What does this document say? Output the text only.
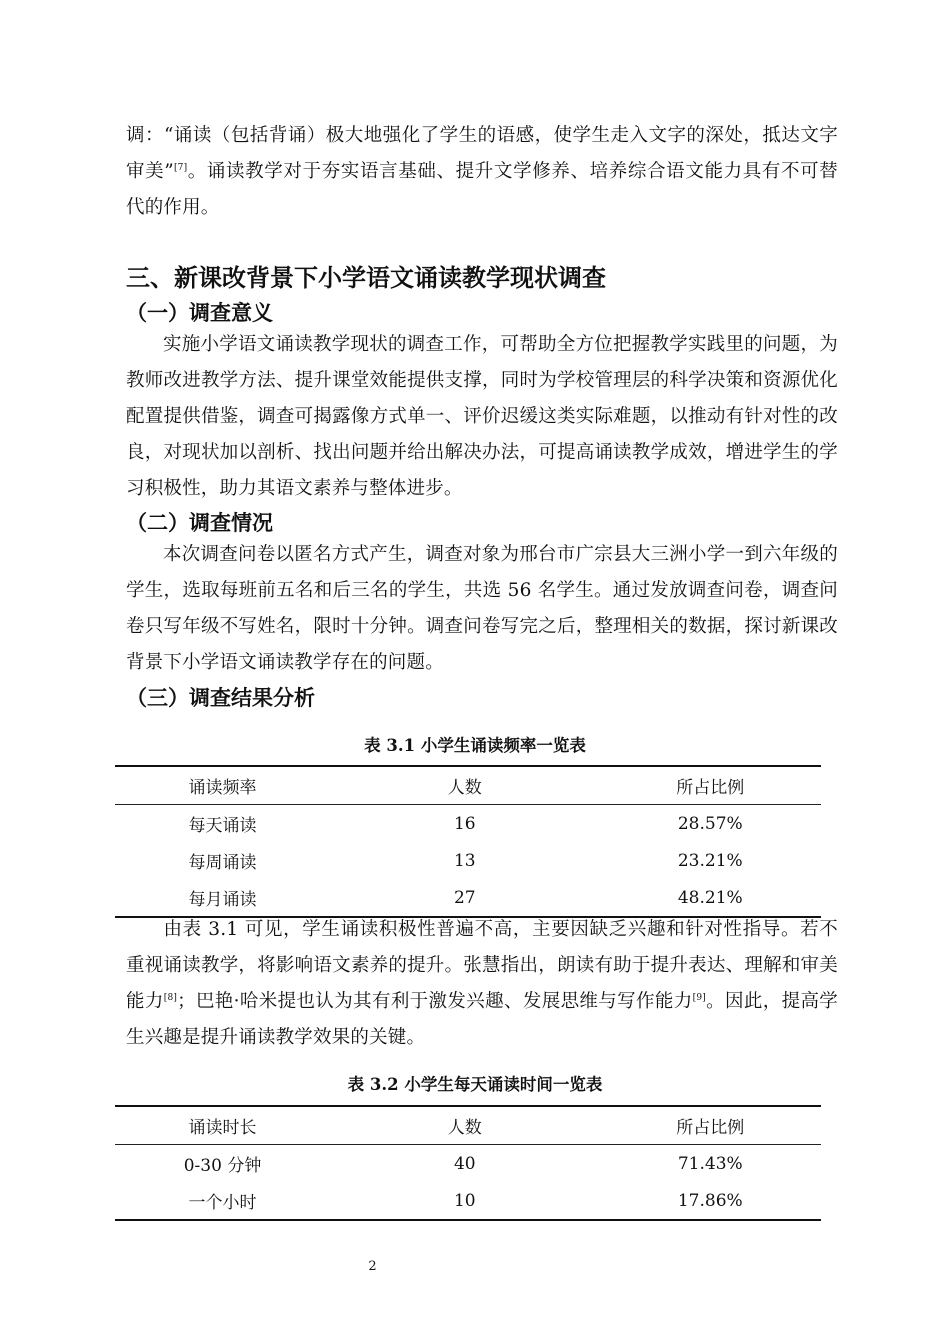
调：“诵读（包括背诵）极大地强化了学生的语感，使学生走入文字的深处，抵达文字审美”[7]。诵读教学对于夯实语言基础、提升文学修养、培养综合语文能力具有不可替代的作用。
三、新课改背景下小学语文诵读教学现状调查
（一）调查意义
实施小学语文诵读教学现状的调查工作，可帮助全方位把握教学实践里的问题，为教师改进教学方法、提升课堂效能提供支撑，同时为学校管理层的科学决策和资源优化配置提供借鉴，调查可揭露像方式单一、评价迟缓这类实际难题，以推动有针对性的改良，对现状加以剖析、找出问题并给出解决办法，可提高诵读教学成效，增进学生的学习积极性，助力其语文素养与整体进步。
（二）调查情况
本次调查问卷以匿名方式产生，调查对象为邢台市广宗县大三洲小学一到六年级的学生，选取每班前五名和后三名的学生，共选 56 名学生。通过发放调查问卷，调查问卷只写年级不写姓名，限时十分钟。调查问卷写完之后，整理相关的数据，探讨新课改背景下小学语文诵读教学存在的问题。
（三）调查结果分析
表 3.1 小学生诵读频率一览表
诵读频率	人数	所占比例
每天诵读	16	28.57%
每周诵读	13	23.21%
每月诵读	27	48.21%
由表 3.1 可见，学生诵读积极性普遍不高，主要因缺乏兴趣和针对性指导。若不重视诵读教学，将影响语文素养的提升。张慧指出，朗读有助于提升表达、理解和审美能力[8]；巴艳·哈米提也认为其有利于激发兴趣、发展思维与写作能力[9]。因此，提高学生兴趣是提升诵读教学效果的关键。
表 3.2 小学生每天诵读时间一览表
诵读时长	人数	所占比例
0-30 分钟	40	71.43%
一个小时	10	17.86%
2
